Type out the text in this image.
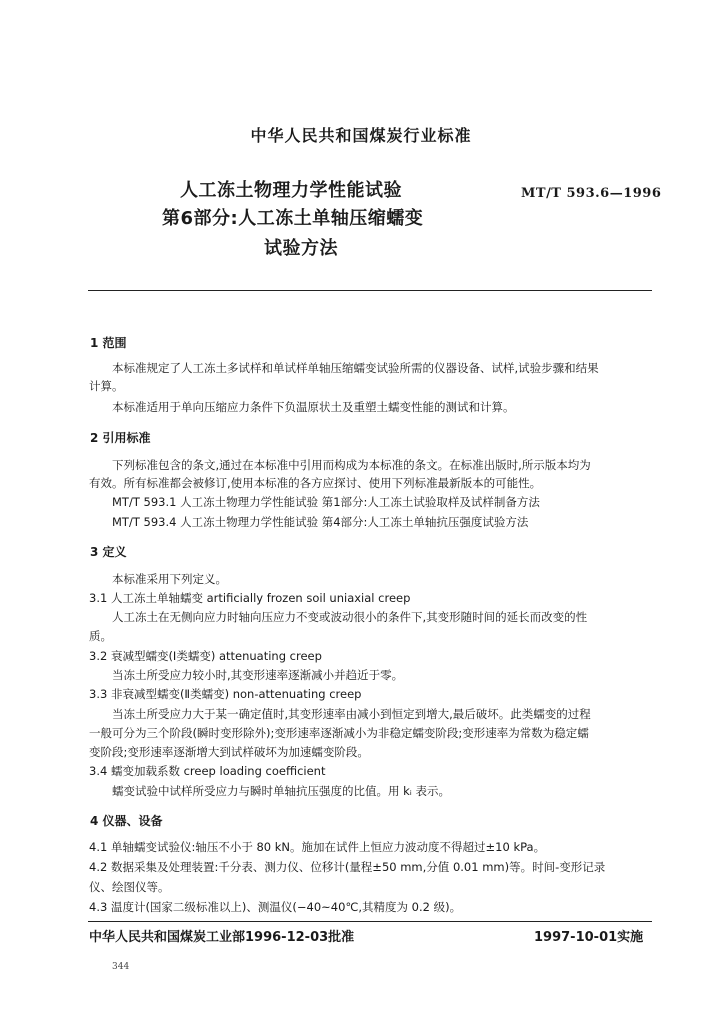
中华人民共和国煤炭行业标准
人工冻土物理力学性能试验
第6部分:人工冻土单轴压缩蠕变
试验方法
MT/T 593.6—1996
1 范围
本标准规定了人工冻土多试样和单试样单轴压缩蠕变试验所需的仪器设备、试样,试验步骤和结果
计算。
本标准适用于单向压缩应力条件下负温原状土及重塑土蠕变性能的测试和计算。
2 引用标准
下列标准包含的条文,通过在本标准中引用而构成为本标准的条文。在标准出版时,所示版本均为
有效。所有标准都会被修订,使用本标准的各方应探讨、使用下列标准最新版本的可能性。
MT/T 593.1 人工冻土物理力学性能试验 第1部分:人工冻土试验取样及试样制备方法
MT/T 593.4 人工冻土物理力学性能试验 第4部分:人工冻土单轴抗压强度试验方法
3 定义
本标准采用下列定义。
3.1 人工冻土单轴蠕变 artificially frozen soil uniaxial creep
人工冻土在无侧向应力时轴向压应力不变或波动很小的条件下,其变形随时间的延长而改变的性
质。
3.2 衰减型蠕变(Ⅰ类蠕变) attenuating creep
当冻土所受应力较小时,其变形速率逐渐减小并趋近于零。
3.3 非衰减型蠕变(Ⅱ类蠕变) non-attenuating creep
当冻土所受应力大于某一确定值时,其变形速率由减小到恒定到增大,最后破坏。此类蠕变的过程
一般可分为三个阶段(瞬时变形除外);变形速率逐渐减小为非稳定蠕变阶段;变形速率为常数为稳定蠕
变阶段;变形速率逐渐增大到试样破坏为加速蠕变阶段。
3.4 蠕变加载系数 creep loading coefficient
蠕变试验中试样所受应力与瞬时单轴抗压强度的比值。用 kᵢ 表示。
4 仪器、设备
4.1 单轴蠕变试验仪:轴压不小于 80 kN。施加在试件上恒应力波动度不得超过±10 kPa。
4.2 数据采集及处理装置:千分表、测力仪、位移计(量程±50 mm,分值 0.01 mm)等。时间-变形记录
仪、绘图仪等。
4.3 温度计(国家二级标准以上)、测温仪(−40~40℃,其精度为 0.2 级)。
中华人民共和国煤炭工业部1996-12-03批准	1997-10-01实施
344
